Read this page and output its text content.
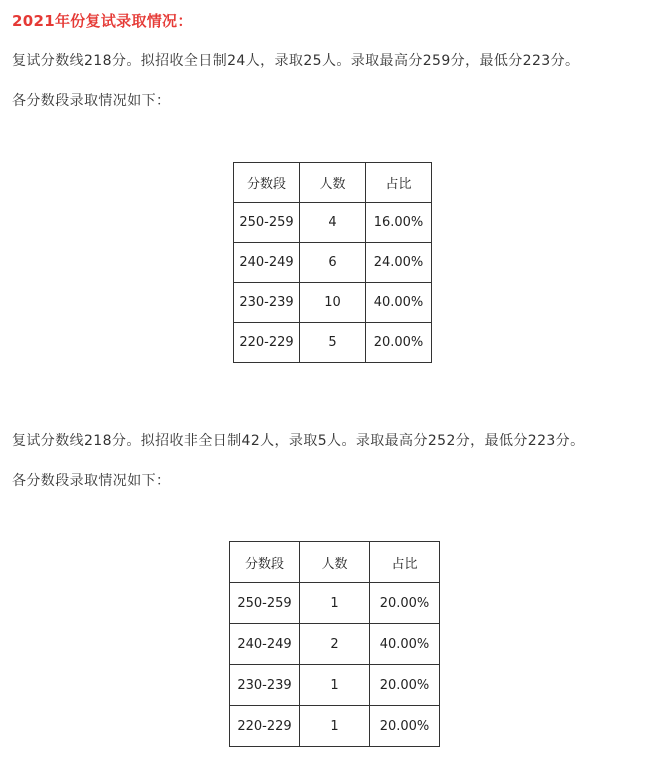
2021年份复试录取情况：
复试分数线218分。拟招收全日制24人，录取25人。录取最高分259分，最低分223分。
各分数段录取情况如下：
分数段	人数	占比
250-259	4	16.00%
240-249	6	24.00%
230-239	10	40.00%
220-229	5	20.00%
复试分数线218分。拟招收非全日制42人，录取5人。录取最高分252分，最低分223分。
各分数段录取情况如下：
分数段	人数	占比
250-259	1	20.00%
240-249	2	40.00%
230-239	1	20.00%
220-229	1	20.00%
